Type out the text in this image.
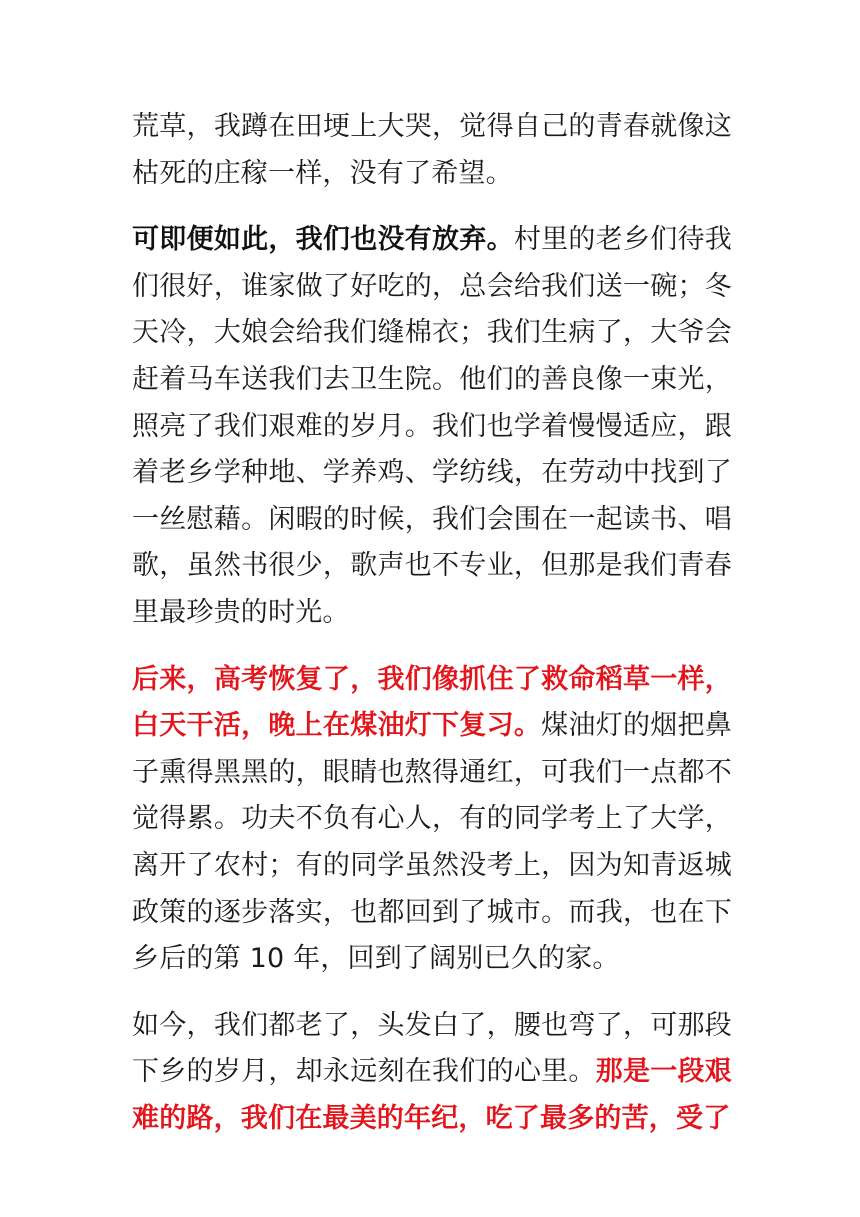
荒草，我蹲在田埂上大哭，觉得自己的青春就像这枯死的庄稼一样，没有了希望。

可即便如此，我们也没有放弃。村里的老乡们待我们很好，谁家做了好吃的，总会给我们送一碗；冬天冷，大娘会给我们缝棉衣；我们生病了，大爷会赶着马车送我们去卫生院。他们的善良像一束光，照亮了我们艰难的岁月。我们也学着慢慢适应，跟着老乡学种地、学养鸡、学纺线，在劳动中找到了一丝慰藉。闲暇的时候，我们会围在一起读书、唱歌，虽然书很少，歌声也不专业，但那是我们青春里最珍贵的时光。

后来，高考恢复了，我们像抓住了救命稻草一样，白天干活，晚上在煤油灯下复习。煤油灯的烟把鼻子熏得黑黑的，眼睛也熬得通红，可我们一点都不觉得累。功夫不负有心人，有的同学考上了大学，离开了农村；有的同学虽然没考上，因为知青返城政策的逐步落实，也都回到了城市。而我，也在下乡后的第 10 年，回到了阔别已久的家。

如今，我们都老了，头发白了，腰也弯了，可那段下乡的岁月，却永远刻在我们的心里。那是一段艰难的路，我们在最美的年纪，吃了最多的苦，受了
